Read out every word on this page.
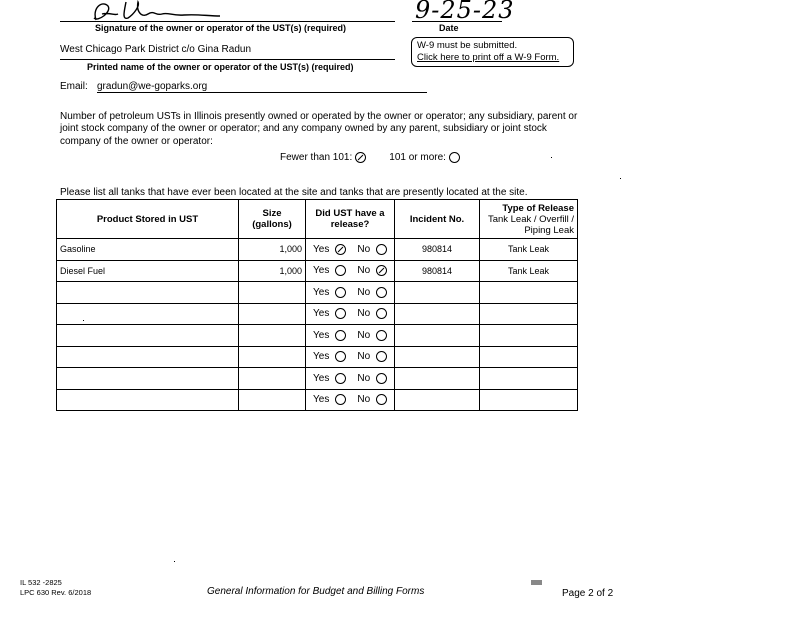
9-25-23
Signature of the owner or operator of the UST(s) (required)	Date
West Chicago Park District c/o Gina Radun
Printed name of the owner or operator of the UST(s) (required)
W-9 must be submitted.
Click here to print off a W-9 Form.
Email: gradun@we-goparks.org
Number of petroleum USTs in Illinois presently owned or operated by the owner or operator; any subsidiary, parent or joint stock company of the owner or operator; and any company owned by any parent, subsidiary or joint stock company of the owner or operator:
Fewer than 101:	101 or more:
Please list all tanks that have ever been located at the site and tanks that are presently located at the site.
Product Stored in UST	Size (gallons)	Did UST have a release?	Incident No.	Type of Release
Tank Leak / Overfill / Piping Leak
Gasoline	1,000	Yes No	980814	Tank Leak
Diesel Fuel	1,000	Yes No	980814	Tank Leak

		Yes No		

		Yes No		

		Yes No		

		Yes No		

		Yes No		

		Yes No		

IL 532 -2825
LPC 630 Rev. 6/2018	General Information for Budget and Billing Forms	Page 2 of 2
